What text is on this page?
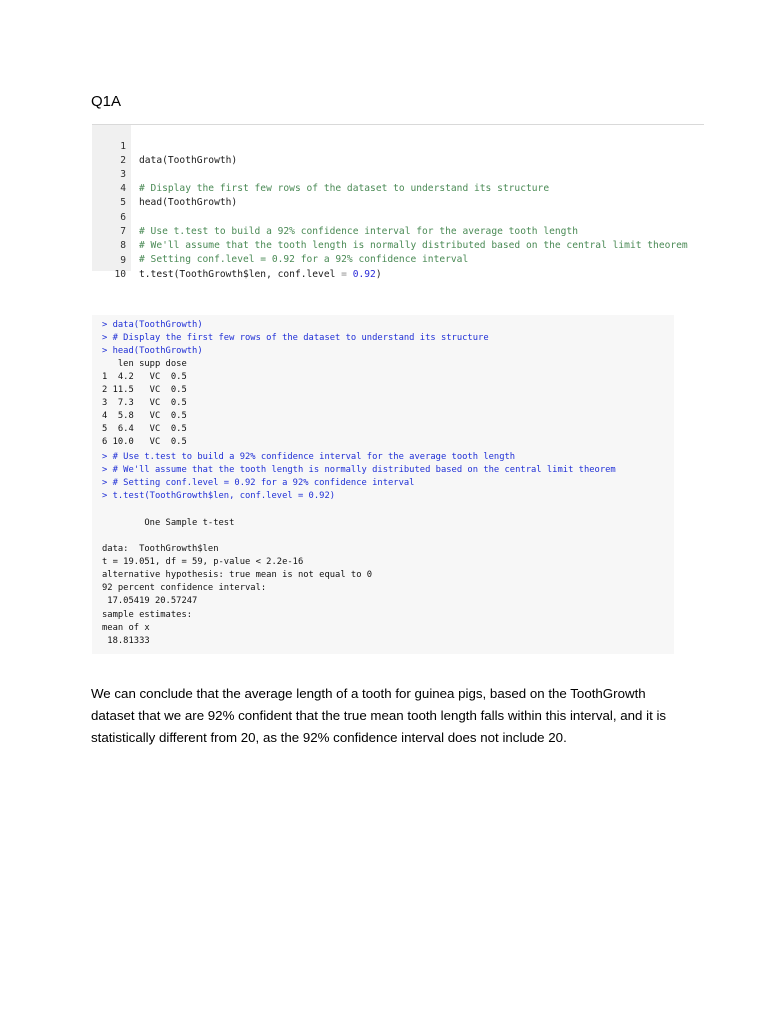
Q1A

1

data(ToothGrowth)

2

3

# Display the first few rows of the dataset to understand its structure

4

head(ToothGrowth)

5

6

# Use t.test to build a 92% confidence interval for the average tooth length

7

# We'll assume that the tooth length is normally distributed based on the central limit theorem

8

# Setting conf.level = 0.92 for a 92% confidence interval

9

t.test(ToothGrowth$len, conf.level = 0.92)

10

> data(ToothGrowth)
> # Display the first few rows of the dataset to understand its structure
> head(ToothGrowth)
len supp dose
1  4.2   VC  0.5
2 11.5   VC  0.5
3  7.3   VC  0.5
4  5.8   VC  0.5
5  6.4   VC  0.5
6 10.0   VC  0.5
> # Use t.test to build a 92% confidence interval for the average tooth length
> # We'll assume that the tooth length is normally distributed based on the central limit theorem
> # Setting conf.level = 0.92 for a 92% confidence interval
> t.test(ToothGrowth$len, conf.level = 0.92)
One Sample t-test
data:  ToothGrowth$len
t = 19.051, df = 59, p-value < 2.2e-16
alternative hypothesis: true mean is not equal to 0
92 percent confidence interval:
17.05419 20.57247
sample estimates:
mean of x
18.81333

We can conclude that the average length of a tooth for guinea pigs, based on the ToothGrowth dataset that we are 92% confident that the true mean tooth length falls within this interval, and it is statistically different from 20, as the 92% confidence interval does not include 20.
